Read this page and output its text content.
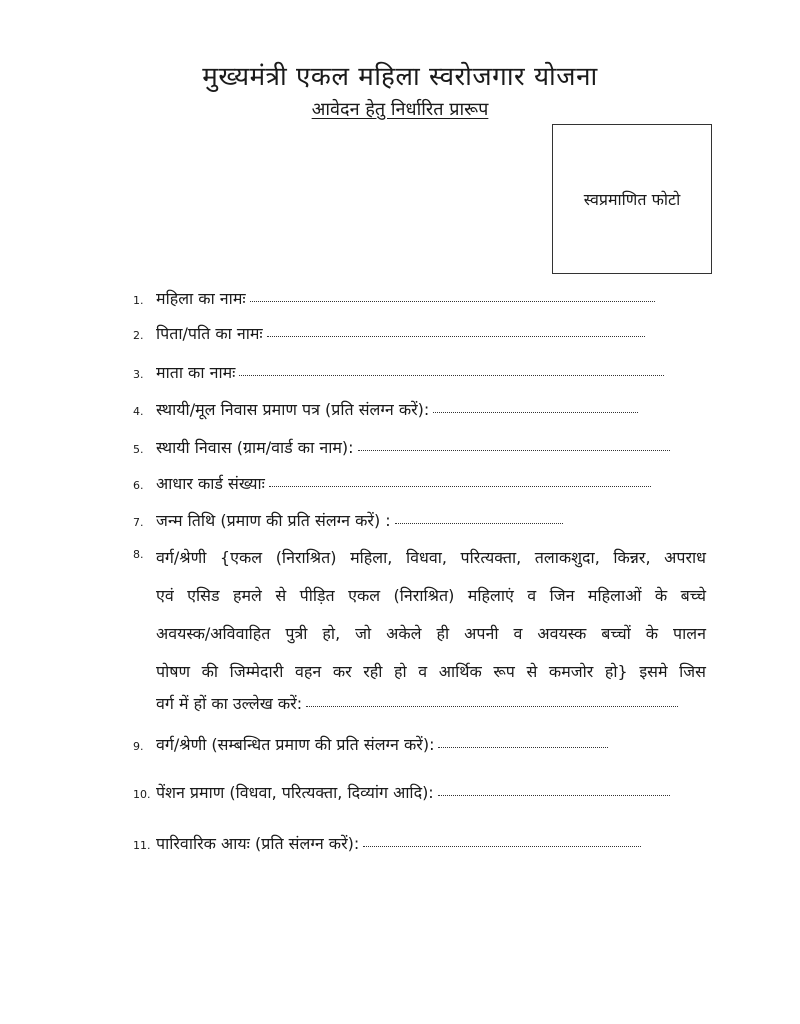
मुख्यमंत्री एकल महिला स्वरोजगार योजना
आवेदन हेतु निर्धारित प्रारूप
स्वप्रमाणित फोटो
1. महिला का नामः
2. पिता/पति का नामः
3. माता का नामः
4. स्थायी/मूल निवास प्रमाण पत्र (प्रति संलग्न करें):
5. स्थायी निवास (ग्राम/वार्ड का नाम):
6. आधार कार्ड संख्याः
7. जन्म तिथि (प्रमाण की प्रति संलग्न करें) :
8. वर्ग/श्रेणी {एकल (निराश्रित) महिला, विधवा, परित्यक्ता, तलाकशुदा, किन्नर, अपराध
एवं एसिड हमले से पीड़ित एकल (निराश्रित) महिलाएं व जिन महिलाओं के बच्चे
अवयस्क/अविवाहित पुत्री हो, जो अकेले ही अपनी व अवयस्क बच्चों के पालन
पोषण की जिम्मेदारी वहन कर रही हो व आर्थिक रूप से कमजोर हो} इसमे जिस
वर्ग में हों का उल्लेख करें:
9. वर्ग/श्रेणी (सम्बन्धित प्रमाण की प्रति संलग्न करें):
10. पेंशन प्रमाण (विधवा, परित्यक्ता, दिव्यांग आदि):
11. पारिवारिक आयः (प्रति संलग्न करें):
